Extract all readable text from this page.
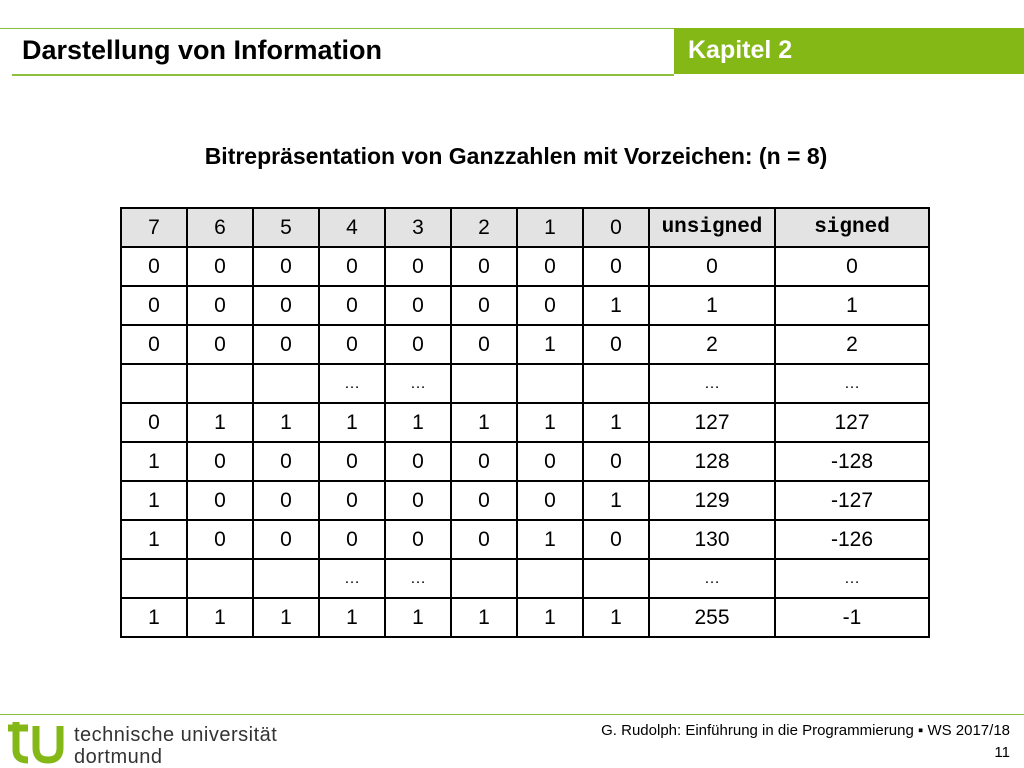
Darstellung von Information	Kapitel 2
Bitrepräsentation von Ganzzahlen mit Vorzeichen: (n = 8)
7	6	5	4	3	2	1	0	unsigned	signed
0	0	0	0	0	0	0	0	0	0
0	0	0	0	0	0	0	1	1	1
0	0	0	0	0	0	1	0	2	2
			…	…				…	…
0	1	1	1	1	1	1	1	127	127
1	0	0	0	0	0	0	0	128	-128
1	0	0	0	0	0	0	1	129	-127
1	0	0	0	0	0	1	0	130	-126
			…	…				…	…
1	1	1	1	1	1	1	1	255	-1
technische universität
dortmund
G. Rudolph: Einführung in die Programmierung ▪ WS 2017/18
11
